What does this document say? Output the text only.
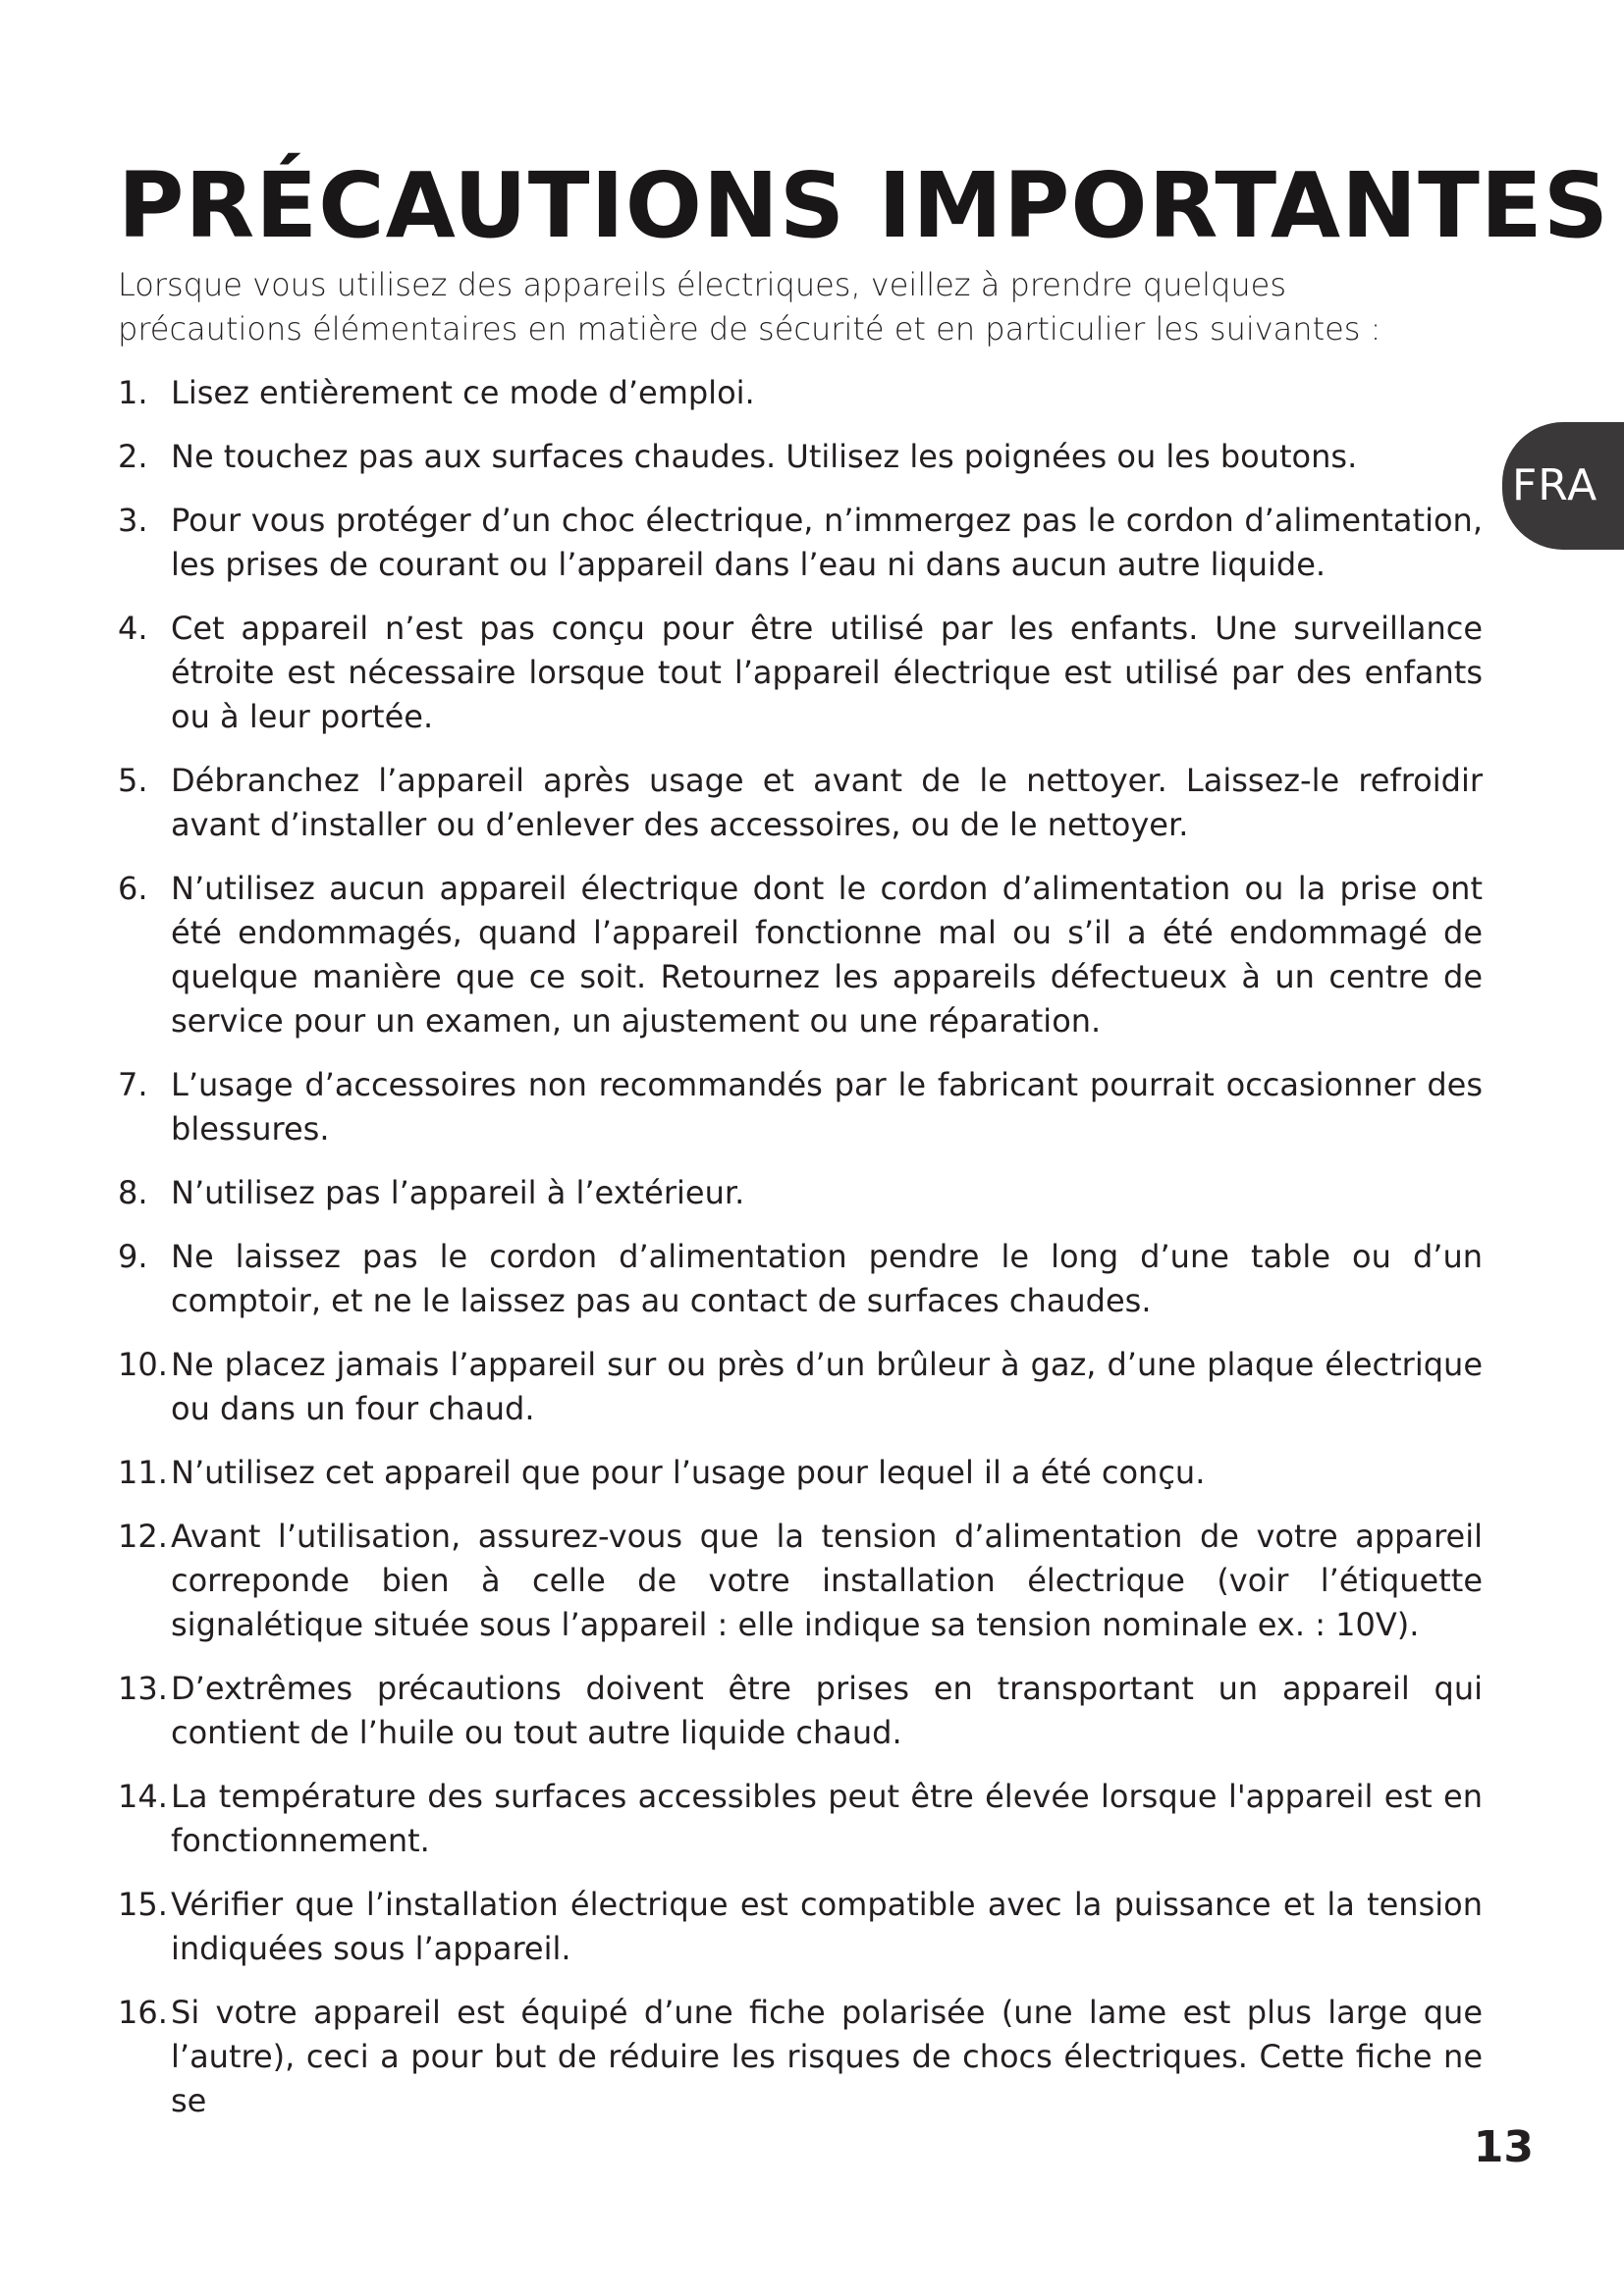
PRÉCAUTIONS IMPORTANTES

Lorsque vous utilisez des appareils électriques, veillez à prendre quelques précautions élémentaires en matière de sécurité et en particulier les suivantes :

FRA
1. Lisez entièrement ce mode d’emploi.
2. Ne touchez pas aux surfaces chaudes. Utilisez les poignées ou les boutons.
3. Pour vous protéger d’un choc électrique, n’immergez pas le cordon d’alimentation, les prises de courant ou l’appareil dans l’eau ni dans aucun autre liquide.
4. Cet appareil n’est pas conçu pour être utilisé par les enfants. Une surveillance étroite est nécessaire lorsque tout l’appareil électrique est utilisé par des enfants ou à leur portée.
5. Débranchez l’appareil après usage et avant de le nettoyer. Laissez-le refroidir avant d’installer ou d’enlever des accessoires, ou de le nettoyer.
6. N’utilisez aucun appareil électrique dont le cordon d’alimentation ou la prise ont été endommagés, quand l’appareil fonctionne mal ou s’il a été endommagé de quelque manière que ce soit. Retournez les appareils défectueux à un centre de service pour un examen, un ajustement ou une réparation.
7. L’usage d’accessoires non recommandés par le fabricant pourrait occasionner des blessures.
8. N’utilisez pas l’appareil à l’extérieur.
9. Ne laissez pas le cordon d’alimentation pendre le long d’une table ou d’un comptoir, et ne le laissez pas au contact de surfaces chaudes.
10. Ne placez jamais l’appareil sur ou près d’un brûleur à gaz, d’une plaque électrique ou dans un four chaud.
11. N’utilisez cet appareil que pour l’usage pour lequel il a été conçu.
12. Avant l’utilisation, assurez-vous que la tension d’alimentation de votre appareil correponde bien à celle de votre installation électrique (voir l’étiquette signalétique située sous l’appareil : elle indique sa tension nominale ex. : 10V).
13. D’extrêmes précautions doivent être prises en transportant un appareil qui contient de l’huile ou tout autre liquide chaud.
14. La température des surfaces accessibles peut être élevée lorsque l'appareil est en fonctionnement.
15. Vérifier que l’installation électrique est compatible avec la puissance et la tension indiquées sous l’appareil.
16. Si votre appareil est équipé d’une fiche polarisée (une lame est plus large que l’autre), ceci a pour but de réduire les risques de chocs électriques. Cette fiche ne se
13
